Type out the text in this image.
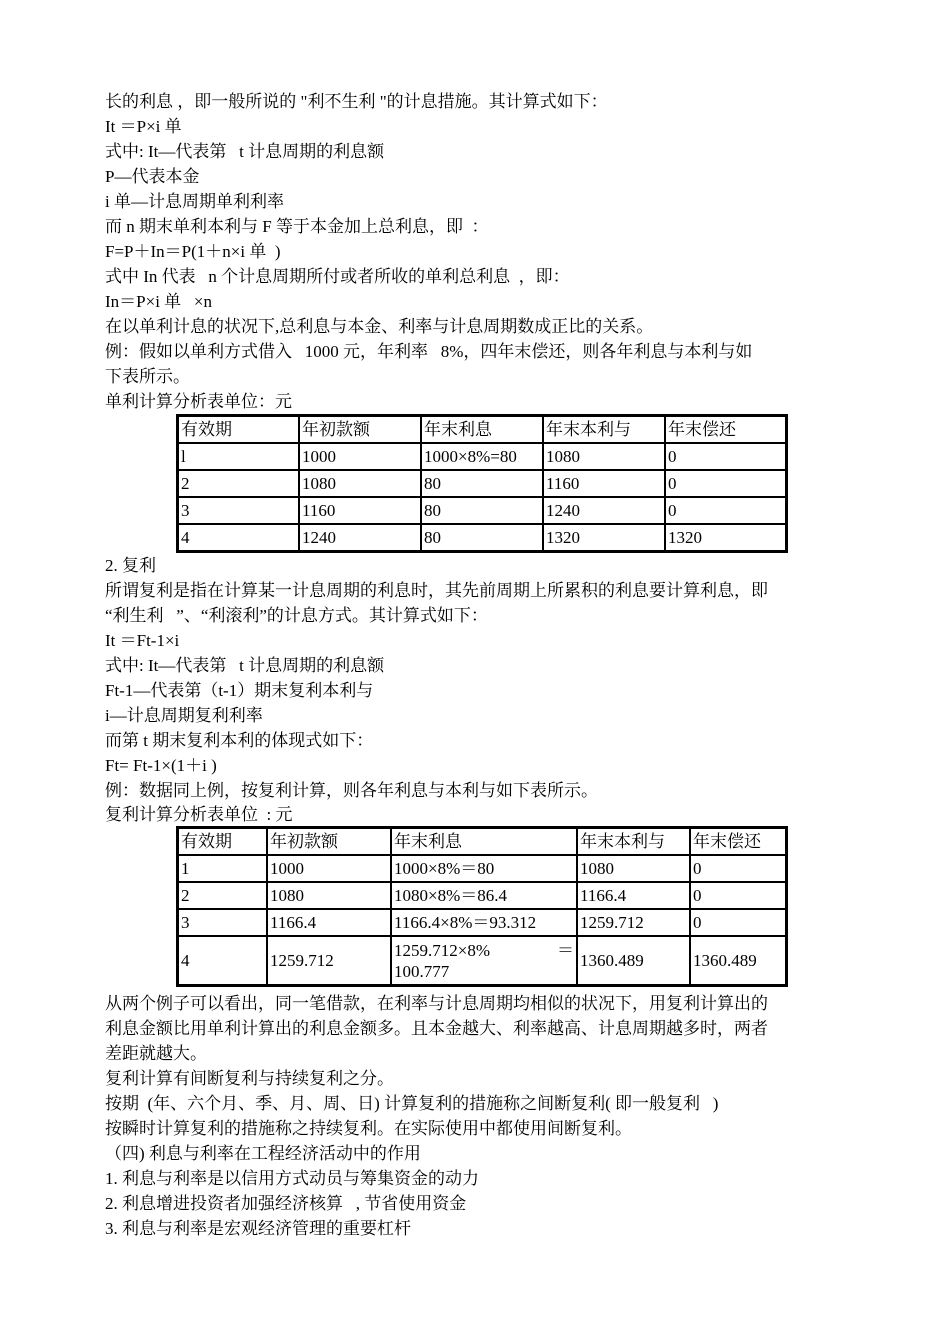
长的利息 ，即一般所说的 "利不生利 "的计息措施。其计算式如下：
It ＝P×i 单
式中: It—代表第   t 计息周期的利息额
P—代表本金
i 单—计息周期单利利率
而 n 期末单利本利与 F 等于本金加上总利息，即  ：
F=P＋In＝P(1＋n×i 单  )
式中 In 代表   n 个计息周期所付或者所收的单利总利息  ，即：
In＝P×i 单   ×n
在以单利计息的状况下,总利息与本金、利率与计息周期数成正比的关系。
例：假如以单利方式借入   1000 元，年利率   8%，四年末偿还，则各年利息与本利与如
下表所示。
单利计算分析表单位：元
有效期	年初款额	年末利息	年末本利与	年末偿还
l	1000	1000×8%=80	1080	0
2	1080	80	1160	0
3	1160	80	1240	0
4	1240	80	1320	1320
2. 复利
所谓复利是指在计算某一计息周期的利息时，其先前周期上所累积的利息要计算利息，即
“利生利   ”、“利滚利”的计息方式。其计算式如下：
It ＝Ft-1×i
式中: It—代表第   t 计息周期的利息额
Ft-1—代表第（t-1）期末复利本利与
i—计息周期复利利率
而第 t 期末复利本利的体现式如下：
Ft= Ft-1×(1＋i )
例：数据同上例，按复利计算，则各年利息与本利与如下表所示。
复利计算分析表单位  : 元
有效期	年初款额	年末利息	年末本利与	年末偿还
1	1000	1000×8%＝80	1080	0
2	1080	1080×8%＝86.4	1166.4	0
3	1166.4	1166.4×8%＝93.312	1259.712	0
4	1259.712	1259.712×8% ＝
100.777	1360.489	1360.489
从两个例子可以看出，同一笔借款，在利率与计息周期均相似的状况下，用复利计算出的
利息金额比用单利计算出的利息金额多。且本金越大、利率越高、计息周期越多时，两者
差距就越大。
复利计算有间断复利与持续复利之分。
按期  (年、六个月、季、月、周、日) 计算复利的措施称之间断复利( 即一般复利   )
按瞬时计算复利的措施称之持续复利。在实际使用中都使用间断复利。
（四) 利息与利率在工程经济活动中的作用
1. 利息与利率是以信用方式动员与筹集资金的动力
2. 利息增进投资者加强经济核算   , 节省使用资金
3. 利息与利率是宏观经济管理的重要杠杆
